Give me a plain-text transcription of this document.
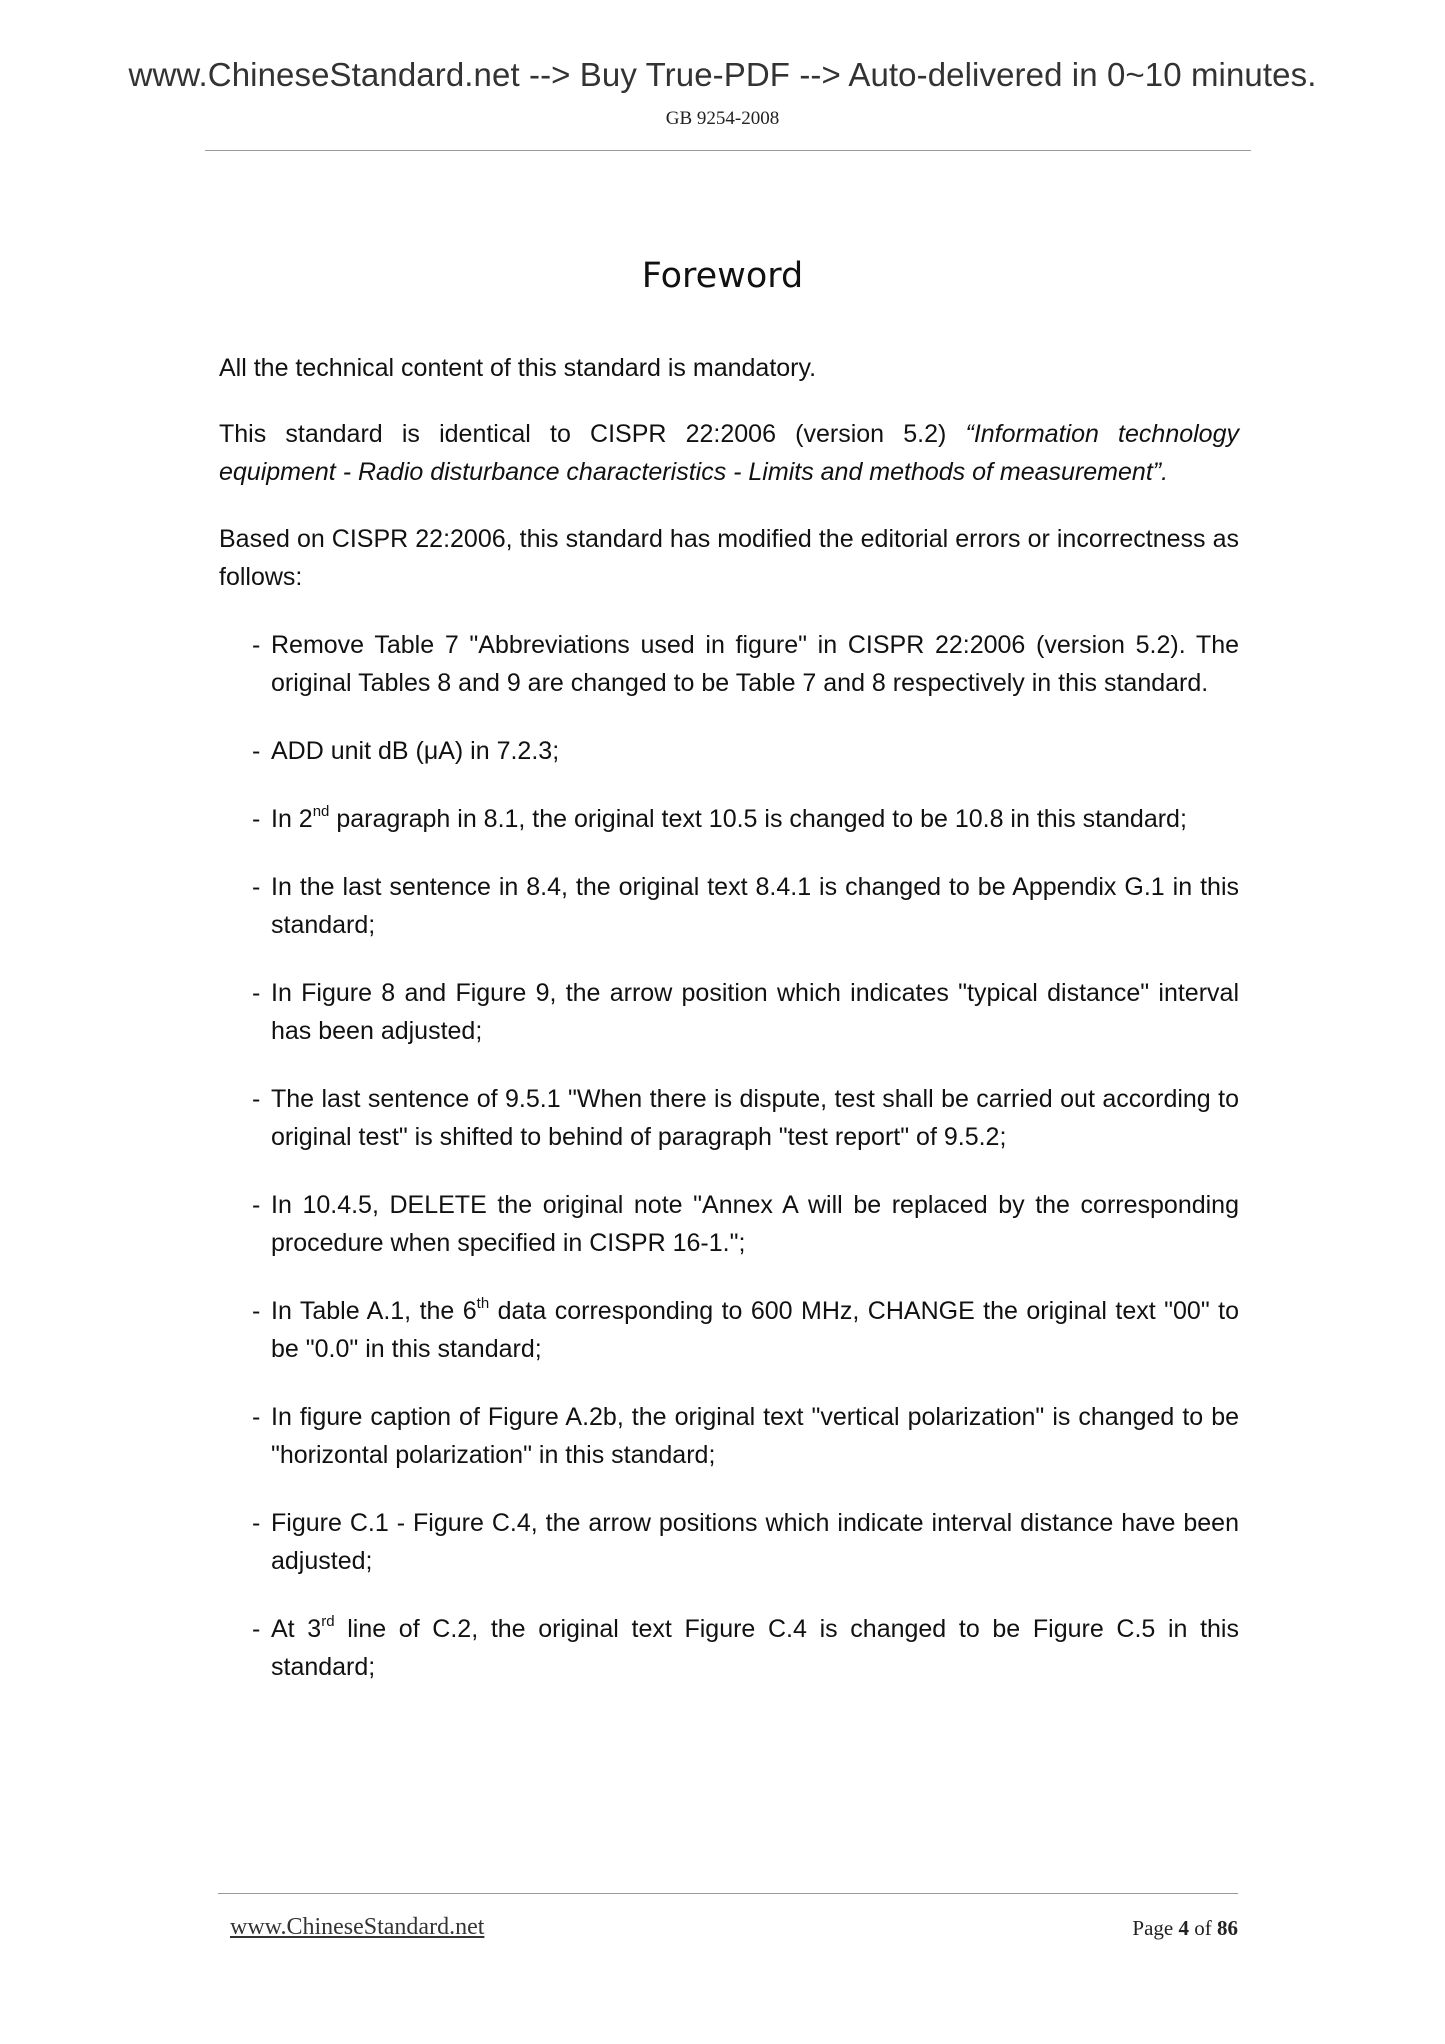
www.ChineseStandard.net --> Buy True-PDF --> Auto-delivered in 0~10 minutes.
GB 9254-2008
Foreword
All the technical content of this standard is mandatory.
This standard is identical to CISPR 22:2006 (version 5.2) “Information technology equipment - Radio disturbance characteristics - Limits and methods of measurement”.
Based on CISPR 22:2006, this standard has modified the editorial errors or incorrectness as follows:
- Remove Table 7 "Abbreviations used in figure" in CISPR 22:2006 (version 5.2). The original Tables 8 and 9 are changed to be Table 7 and 8 respectively in this standard.
- ADD unit dB (μA) in 7.2.3;
- In 2nd paragraph in 8.1, the original text 10.5 is changed to be 10.8 in this standard;
- In the last sentence in 8.4, the original text 8.4.1 is changed to be Appendix G.1 in this standard;
- In Figure 8 and Figure 9, the arrow position which indicates "typical distance" interval has been adjusted;
- The last sentence of 9.5.1 "When there is dispute, test shall be carried out according to original test" is shifted to behind of paragraph "test report" of 9.5.2;
- In 10.4.5, DELETE the original note "Annex A will be replaced by the corresponding procedure when specified in CISPR 16-1.";
- In Table A.1, the 6th data corresponding to 600 MHz, CHANGE the original text "00" to be "0.0" in this standard;
- In figure caption of Figure A.2b, the original text "vertical polarization" is changed to be "horizontal polarization" in this standard;
- Figure C.1 - Figure C.4, the arrow positions which indicate interval distance have been adjusted;
- At 3rd line of C.2, the original text Figure C.4 is changed to be Figure C.5 in this standard;
www.ChineseStandard.net	Page 4 of 86
